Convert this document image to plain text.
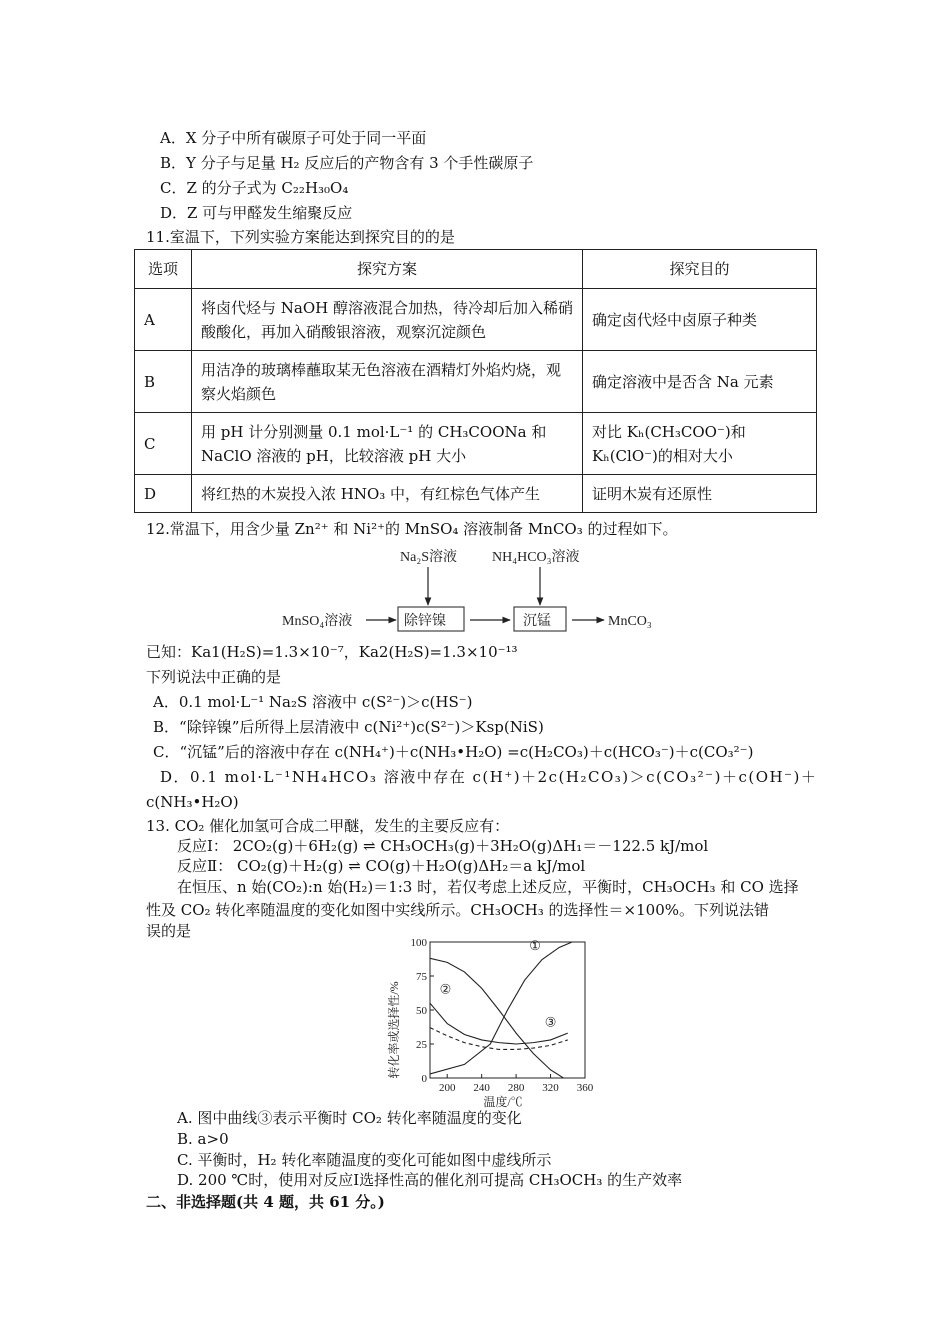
A．X 分子中所有碳原子可处于同一平面
B．Y 分子与足量 H₂ 反应后的产物含有 3 个手性碳原子
C．Z 的分子式为 C₂₂H₃₀O₄
D．Z 可与甲醛发生缩聚反应
11.室温下，下列实验方案能达到探究目的的是
选项	探究方案	探究目的
A	将卤代烃与 NaOH 醇溶液混合加热，待冷却后加入稀硝酸酸化，再加入硝酸银溶液，观察沉淀颜色	确定卤代烃中卤原子种类
B	用洁净的玻璃棒蘸取某无色溶液在酒精灯外焰灼烧，观察火焰颜色	确定溶液中是否含 Na 元素
C	用 pH 计分别测量 0.1 mol·L⁻¹ 的 CH₃COONa 和 NaClO 溶液的 pH，比较溶液 pH 大小	对比 Kₕ(CH₃COO⁻)和 Kₕ(ClO⁻)的相对大小
D	将红热的木炭投入浓 HNO₃ 中，有红棕色气体产生	证明木炭有还原性
12.常温下，用含少量 Zn²⁺ 和 Ni²⁺的 MnSO₄ 溶液制备 MnCO₃ 的过程如下。
Na₂S溶液	NH₄HCO₃溶液
MnSO₄溶液	除锌镍	沉锰	MnCO₃
已知：Ka1(H₂S)=1.3×10⁻⁷，Ka2(H₂S)=1.3×10⁻¹³
下列说法中正确的是
A．0.1 mol·L⁻¹ Na₂S 溶液中 c(S²⁻)＞c(HS⁻)
B．“除锌镍”后所得上层清液中 c(Ni²⁺)c(S²⁻)＞Ksp(NiS)
C．“沉锰”后的溶液中存在 c(NH₄⁺)＋c(NH₃•H₂O) =c(H₂CO₃)＋c(HCO₃⁻)＋c(CO₃²⁻)
D．0.1 mol·L⁻¹NH₄HCO₃ 溶液中存在 c(H⁺)＋2c(H₂CO₃)＞c(CO₃²⁻)＋c(OH⁻)＋
c(NH₃•H₂O)
13. CO₂ 催化加氢可合成二甲醚，发生的主要反应有：
反应Ⅰ： 2CO₂(g)＋6H₂(g) ⇌ CH₃OCH₃(g)＋3H₂O(g)ΔH₁＝－122.5 kJ/mol
反应Ⅱ： CO₂(g)＋H₂(g) ⇌ CO(g)＋H₂O(g)ΔH₂＝a kJ/mol
在恒压、n 始(CO₂):n 始(H₂)＝1:3 时，若仅考虑上述反应，平衡时，CH₃OCH₃ 和 CO 选择
性及 CO₂ 转化率随温度的变化如图中实线所示。CH₃OCH₃ 的选择性＝×100%。下列说法错
误的是
转化率或选择性/%
温度/℃
200 240 280 320 360
0
25
50
75
100	①
②
③
A. 图中曲线③表示平衡时 CO₂ 转化率随温度的变化
B. a>0
C. 平衡时，H₂ 转化率随温度的变化可能如图中虚线所示
D. 200 ℃时，使用对反应Ⅰ选择性高的催化剂可提高 CH₃OCH₃ 的生产效率
二、非选择题(共 4 题，共 61 分。)
